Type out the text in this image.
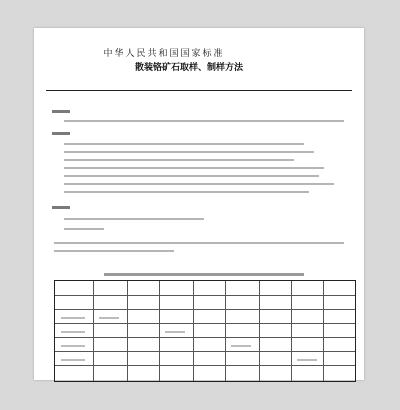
中华人民共和国国家标准
散装铬矿石取样、制样方法
